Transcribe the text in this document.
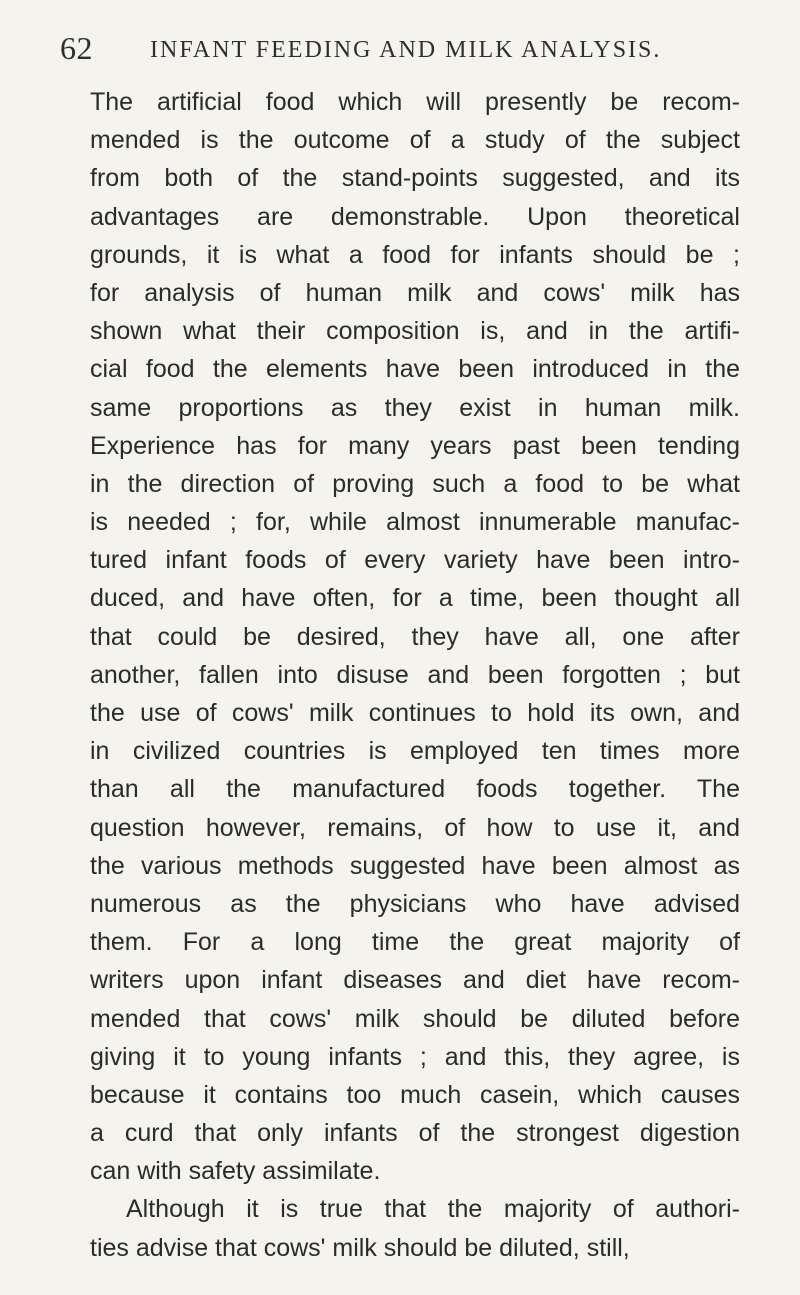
62 INFANT FEEDING AND MILK ANALYSIS.
The artificial food which will presently be recom-
mended is the outcome of a study of the subject
from both of the stand-points suggested, and its
advantages are demonstrable. Upon theoretical
grounds, it is what a food for infants should be ;
for analysis of human milk and cows' milk has
shown what their composition is, and in the artifi-
cial food the elements have been introduced in the
same proportions as they exist in human milk.
Experience has for many years past been tending
in the direction of proving such a food to be what
is needed ; for, while almost innumerable manufac-
tured infant foods of every variety have been intro-
duced, and have often, for a time, been thought all
that could be desired, they have all, one after
another, fallen into disuse and been forgotten ; but
the use of cows' milk continues to hold its own, and
in civilized countries is employed ten times more
than all the manufactured foods together. The
question however, remains, of how to use it, and
the various methods suggested have been almost as
numerous as the physicians who have advised
them. For a long time the great majority of
writers upon infant diseases and diet have recom-
mended that cows' milk should be diluted before
giving it to young infants ; and this, they agree, is
because it contains too much casein, which causes
a curd that only infants of the strongest digestion
can with safety assimilate.
Although it is true that the majority of authori-
ties advise that cows' milk should be diluted, still,
